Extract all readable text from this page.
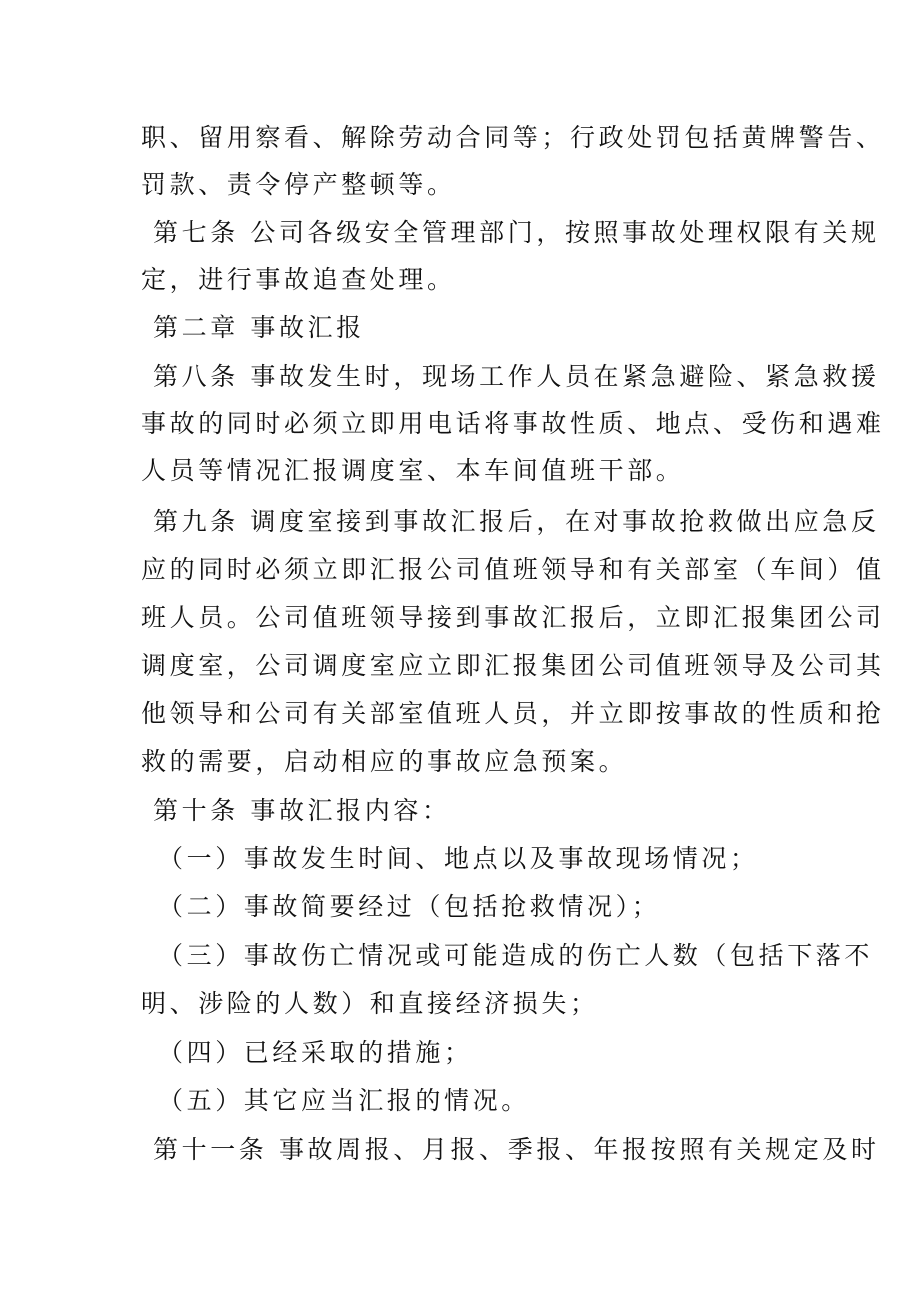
职、留用察看、解除劳动合同等；行政处罚包括黄牌警告、
罚款、责令停产整顿等。
第七条 公司各级安全管理部门，按照事故处理权限有关规
定，进行事故追查处理。
第二章 事故汇报
第八条 事故发生时，现场工作人员在紧急避险、紧急救援
事故的同时必须立即用电话将事故性质、地点、受伤和遇难
人员等情况汇报调度室、本车间值班干部。
第九条 调度室接到事故汇报后，在对事故抢救做出应急反
应的同时必须立即汇报公司值班领导和有关部室（车间）值
班人员。公司值班领导接到事故汇报后，立即汇报集团公司
调度室，公司调度室应立即汇报集团公司值班领导及公司其
他领导和公司有关部室值班人员，并立即按事故的性质和抢
救的需要，启动相应的事故应急预案。
第十条 事故汇报内容：
（一）事故发生时间、地点以及事故现场情况；
（二）事故简要经过（包括抢救情况）；
（三）事故伤亡情况或可能造成的伤亡人数（包括下落不
明、涉险的人数）和直接经济损失；
（四）已经采取的措施；
（五）其它应当汇报的情况。
第十一条 事故周报、月报、季报、年报按照有关规定及时
